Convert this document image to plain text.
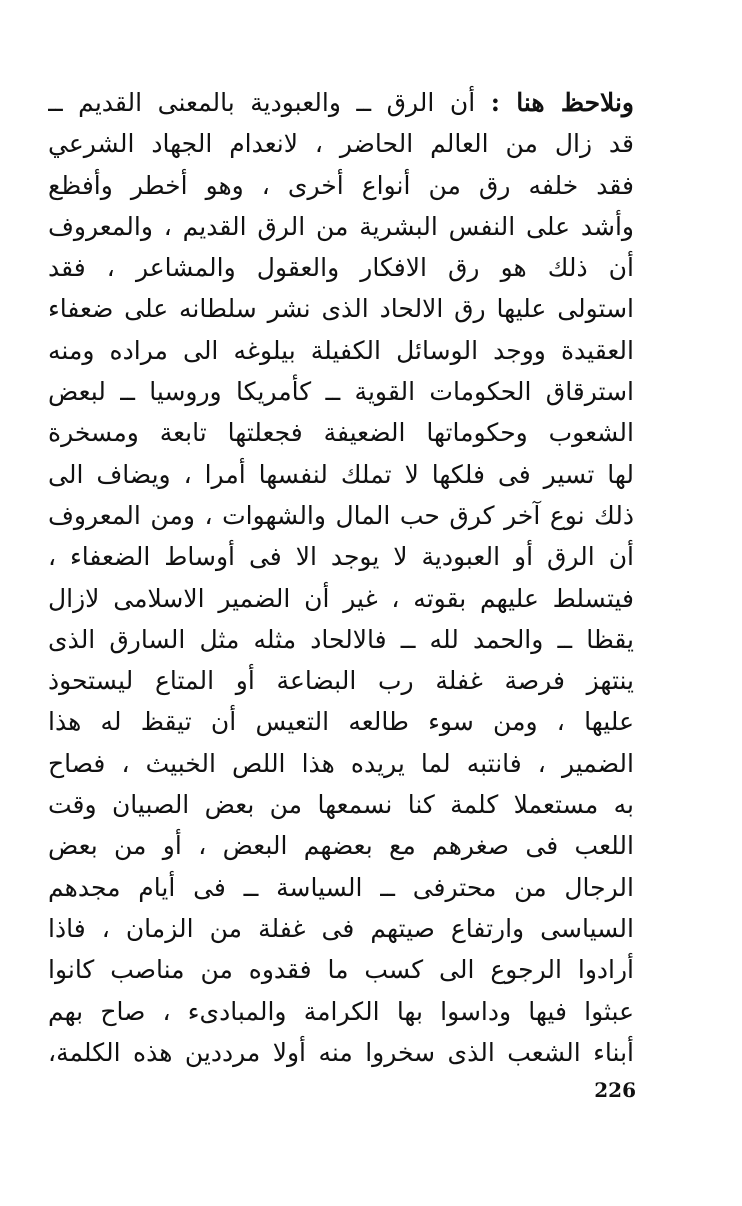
ونلاحظ هنا : أن الرق ــ والعبودية بالمعنى القديم ــ
قد زال من العالم الحاضر ، لانعدام الجهاد الشرعي
فقد خلفه رق من أنواع أخرى ، وهو أخطر وأفظع
وأشد على النفس البشرية من الرق القديم ، والمعروف
أن ذلك هو رق الافكار والعقول والمشاعر ، فقد
استولى عليها رق الالحاد الذى نشر سلطانه على ضعفاء
العقيدة ووجد الوسائل الكفيلة بيلوغه الى مراده ومنه
استرقاق الحكومات القوية ــ كأمريكا وروسيا ــ لبعض
الشعوب وحكوماتها الضعيفة فجعلتها تابعة ومسخرة
لها تسير فى فلكها لا تملك لنفسها أمرا ، ويضاف الى
ذلك نوع آخر كرق حب المال والشهوات ، ومن المعروف
أن الرق أو العبودية لا يوجد الا فى أوساط الضعفاء ،
فيتسلط عليهم بقوته ، غير أن الضمير الاسلامى لازال
يقظا ــ والحمد لله ــ فالالحاد مثله مثل السارق الذى
ينتهز فرصة غفلة رب البضاعة أو المتاع ليستحوذ
عليها ، ومن سوء طالعه التعيس أن تيقظ له هذا
الضمير ، فانتبه لما يريده هذا اللص الخبيث ، فصاح
به مستعملا كلمة كنا نسمعها من بعض الصبيان وقت
اللعب فى صغرهم مع بعضهم البعض ، أو من بعض
الرجال من محترفى ــ السياسة ــ فى أيام مجدهم
السياسى وارتفاع صيتهم فى غفلة من الزمان ، فاذا
أرادوا الرجوع الى كسب ما فقدوه من مناصب كانوا
عبثوا فيها وداسوا بها الكرامة والمبادىء ، صاح بهم
أبناء الشعب الذى سخروا منه أولا مرددين هذه الكلمة،
226
